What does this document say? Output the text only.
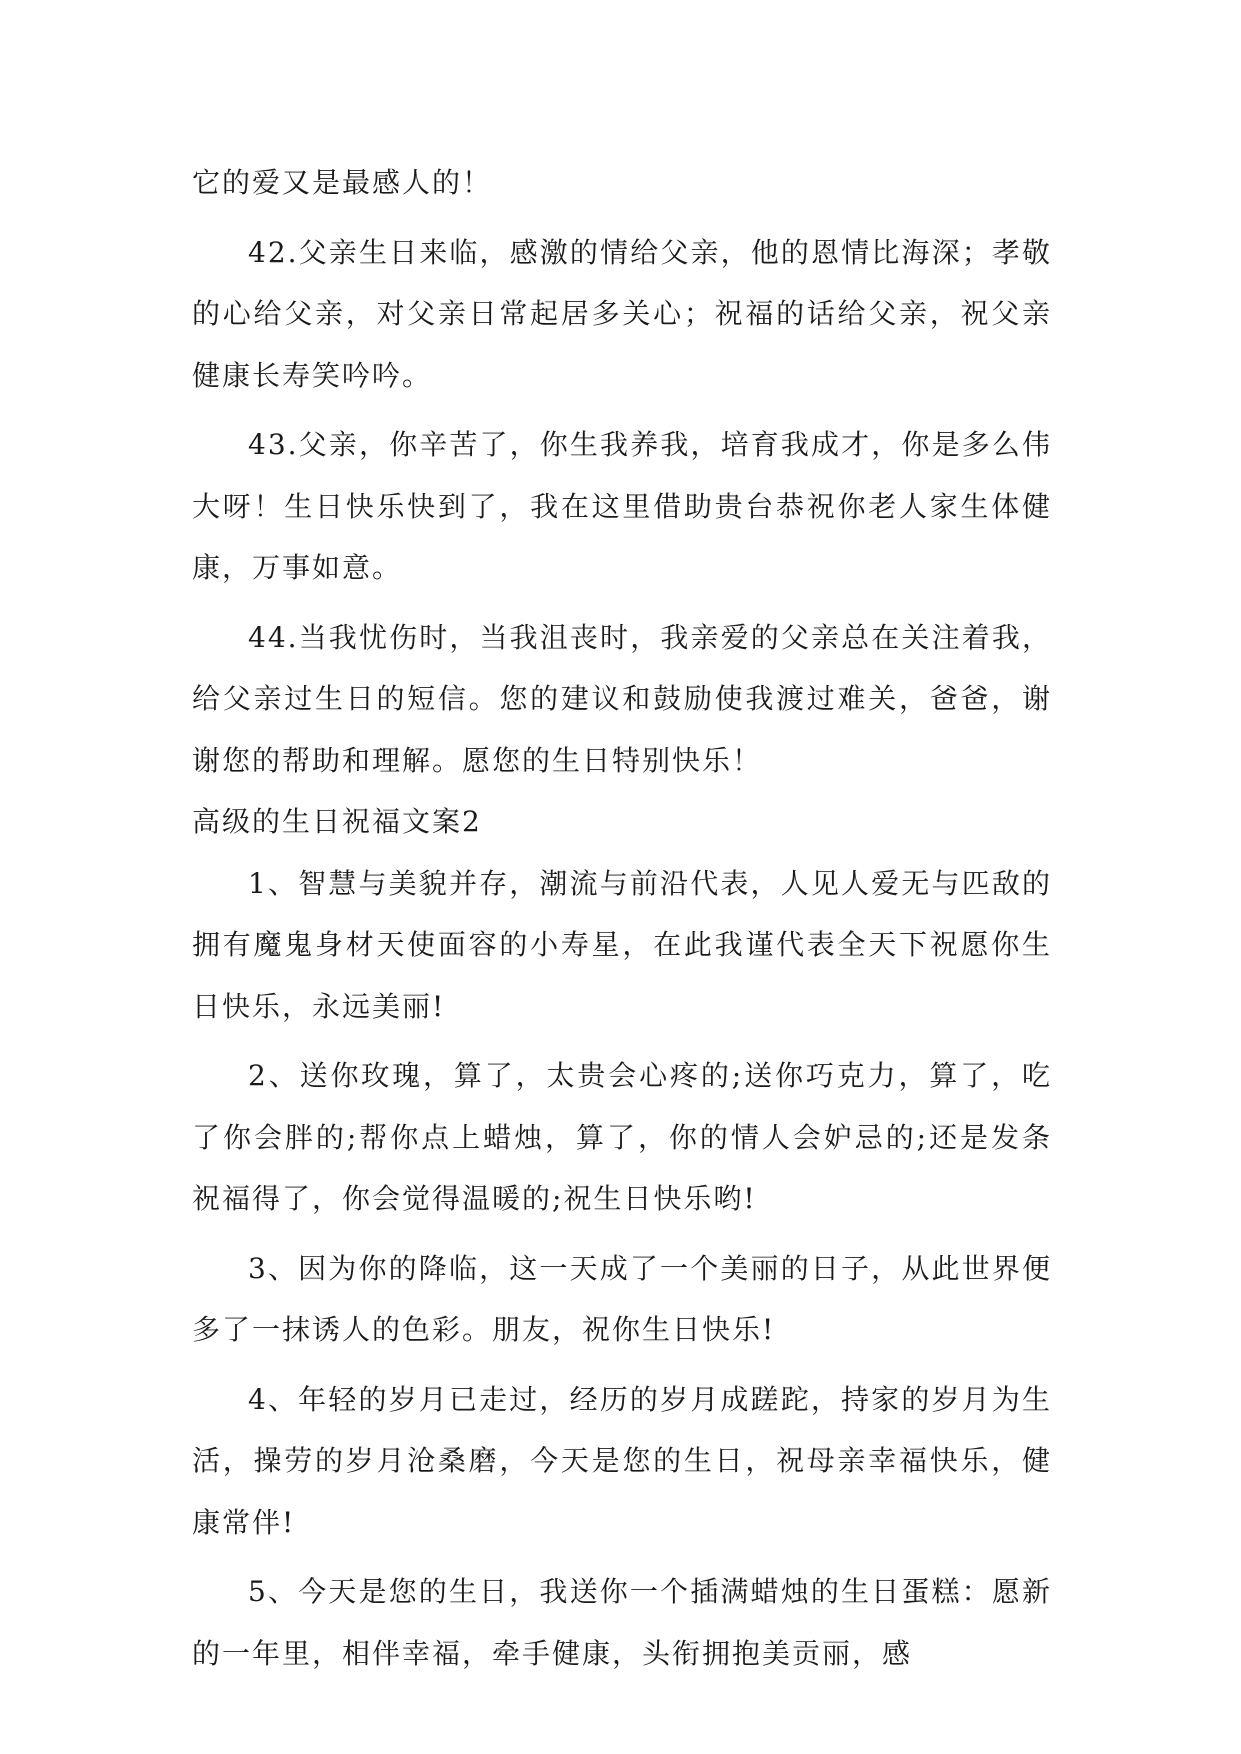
它的爱又是最感人的！

42.父亲生日来临，感激的情给父亲，他的恩情比海深；孝敬的心给父亲，对父亲日常起居多关心；祝福的话给父亲，祝父亲健康长寿笑吟吟。

43.父亲，你辛苦了，你生我养我，培育我成才，你是多么伟大呀！生日快乐快到了，我在这里借助贵台恭祝你老人家生体健康，万事如意。

44.当我忧伤时，当我沮丧时，我亲爱的父亲总在关注着我，给父亲过生日的短信。您的建议和鼓励使我渡过难关，爸爸，谢谢您的帮助和理解。愿您的生日特别快乐！

高级的生日祝福文案2

1、智慧与美貌并存，潮流与前沿代表，人见人爱无与匹敌的拥有魔鬼身材天使面容的小寿星，在此我谨代表全天下祝愿你生日快乐，永远美丽!

2、送你玫瑰，算了，太贵会心疼的;送你巧克力，算了，吃了你会胖的;帮你点上蜡烛，算了，你的情人会妒忌的;还是发条祝福得了，你会觉得温暖的;祝生日快乐哟!

3、因为你的降临，这一天成了一个美丽的日子，从此世界便多了一抹诱人的色彩。朋友，祝你生日快乐!

4、年轻的岁月已走过，经历的岁月成蹉跎，持家的岁月为生活，操劳的岁月沧桑磨，今天是您的生日，祝母亲幸福快乐，健康常伴!

5、今天是您的生日，我送你一个插满蜡烛的生日蛋糕：愿新的一年里，相伴幸福，牵手健康，头衔拥抱美贡丽，感
